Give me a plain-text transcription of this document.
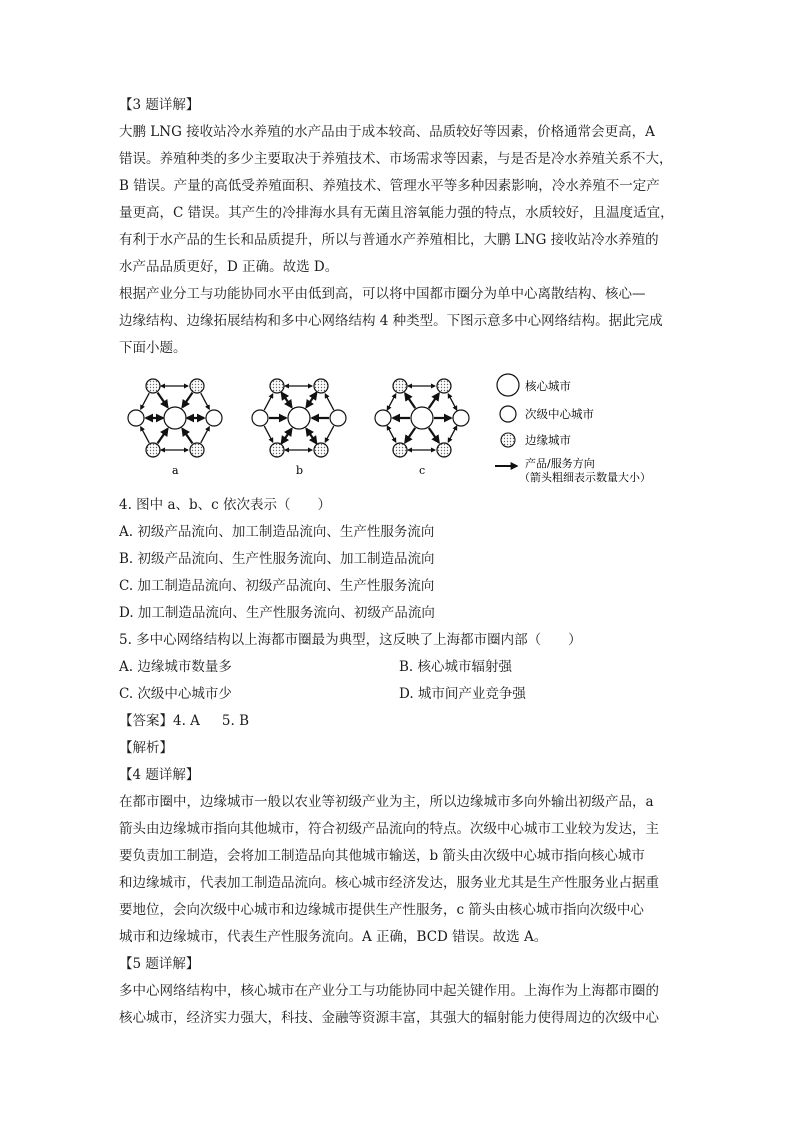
【3 题详解】
大鹏 LNG 接收站冷水养殖的水产品由于成本较高、品质较好等因素，价格通常会更高，A
错误。养殖种类的多少主要取决于养殖技术、市场需求等因素，与是否是冷水养殖关系不大，
B 错误。产量的高低受养殖面积、养殖技术、管理水平等多种因素影响，冷水养殖不一定产
量更高，C 错误。其产生的冷排海水具有无菌且溶氧能力强的特点，水质较好，且温度适宜，
有利于水产品的生长和品质提升，所以与普通水产养殖相比，大鹏 LNG 接收站冷水养殖的
水产品品质更好，D 正确。故选 D。
根据产业分工与功能协同水平由低到高，可以将中国都市圈分为单中心离散结构、核心—
边缘结构、边缘拓展结构和多中心网络结构 4 种类型。下图示意多中心网络结构。据此完成
下面小题。
a	b	c
核心城市
次级中心城市
边缘城市
产品/服务方向
（箭头粗细表示数量大小）
4. 图中 a、b、c 依次表示（　　）
A. 初级产品流向、加工制造品流向、生产性服务流向
B. 初级产品流向、生产性服务流向、加工制造品流向
C. 加工制造品流向、初级产品流向、生产性服务流向
D. 加工制造品流向、生产性服务流向、初级产品流向
5. 多中心网络结构以上海都市圈最为典型，这反映了上海都市圈内部（　　）
A. 边缘城市数量多	B. 核心城市辐射强
C. 次级中心城市少	D. 城市间产业竞争强
【答案】4. A 5. B
【解析】
【4 题详解】
在都市圈中，边缘城市一般以农业等初级产业为主，所以边缘城市多向外输出初级产品，a
箭头由边缘城市指向其他城市，符合初级产品流向的特点。次级中心城市工业较为发达，主
要负责加工制造，会将加工制造品向其他城市输送，b 箭头由次级中心城市指向核心城市
和边缘城市，代表加工制造品流向。核心城市经济发达，服务业尤其是生产性服务业占据重
要地位，会向次级中心城市和边缘城市提供生产性服务，c 箭头由核心城市指向次级中心
城市和边缘城市，代表生产性服务流向。A 正确，BCD 错误。故选 A。
【5 题详解】
多中心网络结构中，核心城市在产业分工与功能协同中起关键作用。上海作为上海都市圈的
核心城市，经济实力强大，科技、金融等资源丰富，其强大的辐射能力使得周边的次级中心
